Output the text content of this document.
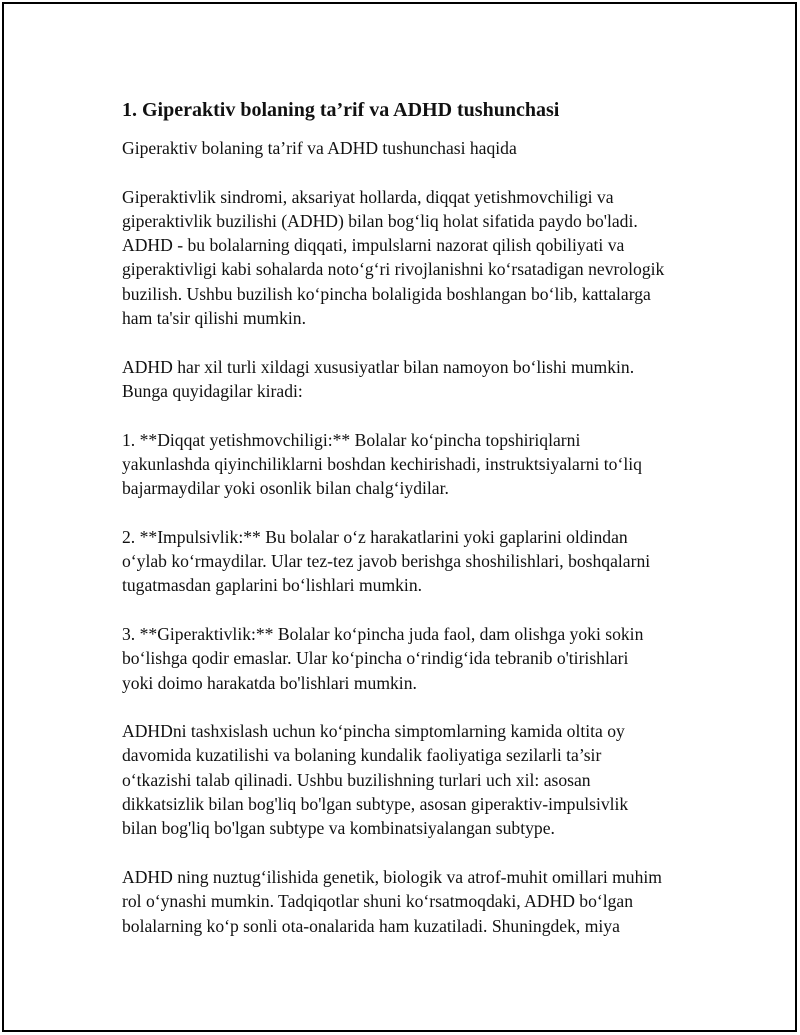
1. Giperaktiv bolaning ta’rif va ADHD tushunchasi

Giperaktiv bolaning ta’rif va ADHD tushunchasi haqida

Giperaktivlik sindromi, aksariyat hollarda, diqqat yetishmovchiligi va
giperaktivlik buzilishi (ADHD) bilan bog‘liq holat sifatida paydo bo'ladi.
ADHD - bu bolalarning diqqati, impulslarni nazorat qilish qobiliyati va
giperaktivligi kabi sohalarda noto‘g‘ri rivojlanishni ko‘rsatadigan nevrologik
buzilish. Ushbu buzilish ko‘pincha bolaligida boshlangan bo‘lib, kattalarga
ham ta'sir qilishi mumkin.

ADHD har xil turli xildagi xususiyatlar bilan namoyon bo‘lishi mumkin.
Bunga quyidagilar kiradi:

1. **Diqqat yetishmovchiligi:** Bolalar ko‘pincha topshiriqlarni
yakunlashda qiyinchiliklarni boshdan kechirishadi, instruktsiyalarni to‘liq
bajarmaydilar yoki osonlik bilan chalg‘iydilar.

2. **Impulsivlik:** Bu bolalar o‘z harakatlarini yoki gaplarini oldindan
o‘ylab ko‘rmaydilar. Ular tez-tez javob berishga shoshilishlari, boshqalarni
tugatmasdan gaplarini bo‘lishlari mumkin.

3. **Giperaktivlik:** Bolalar ko‘pincha juda faol, dam olishga yoki sokin
bo‘lishga qodir emaslar. Ular ko‘pincha o‘rindig‘ida tebranib o'tirishlari
yoki doimo harakatda bo'lishlari mumkin.

ADHDni tashxislash uchun ko‘pincha simptomlarning kamida oltita oy
davomida kuzatilishi va bolaning kundalik faoliyatiga sezilarli ta’sir
o‘tkazishi talab qilinadi. Ushbu buzilishning turlari uch xil: asosan
dikkatsizlik bilan bog'liq bo'lgan subtype, asosan giperaktiv-impulsivlik
bilan bog'liq bo'lgan subtype va kombinatsiyalangan subtype.

ADHD ning nuztug‘ilishida genetik, biologik va atrof-muhit omillari muhim
rol o‘ynashi mumkin. Tadqiqotlar shuni ko‘rsatmoqdaki, ADHD bo‘lgan
bolalarning ko‘p sonli ota-onalarida ham kuzatiladi. Shuningdek, miya
